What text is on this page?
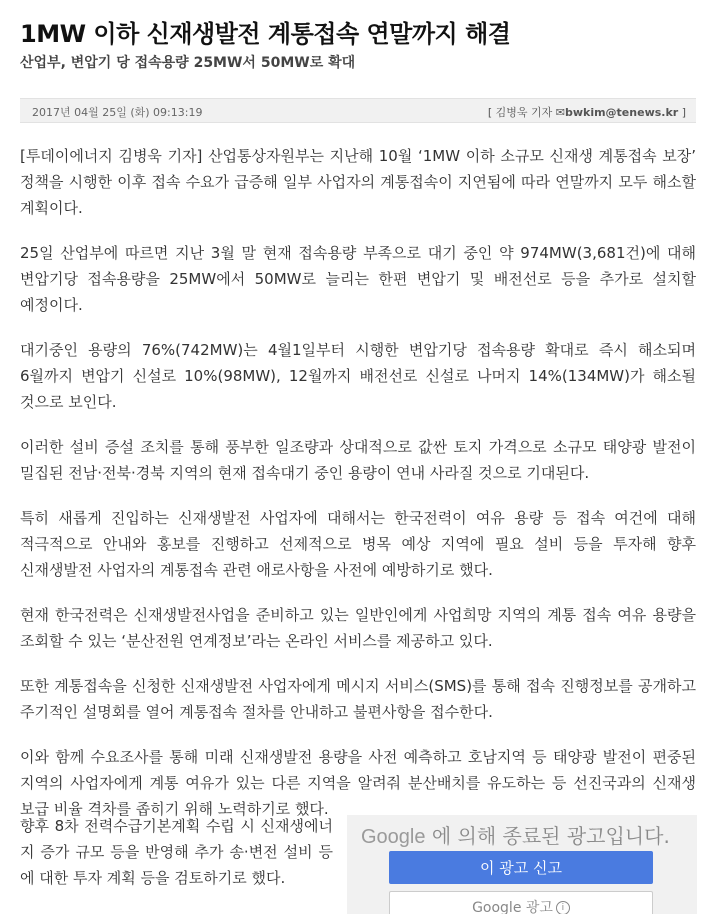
1MW 이하 신재생발전 계통접속 연말까지 해결
산업부, 변압기 당 접속용량 25MW서 50MW로 확대
2017년 04월 25일 (화) 09:13:19	[ 김병욱 기자 ✉bwkim@tenews.kr ]

[투데이에너지 김병욱 기자] 산업통상자원부는 지난해 10월 ‘1MW 이하 소규모 신재생 계통접속 보장’ 정책을 시행한 이후 접속 수요가 급증해 일부 사업자의 계통접속이 지연됨에 따라 연말까지 모두 해소할 계획이다.

25일 산업부에 따르면 지난 3월 말 현재 접속용량 부족으로 대기 중인 약 974MW(3,681건)에 대해 변압기당 접속용량을 25MW에서 50MW로 늘리는 한편 변압기 및 배전선로 등을 추가로 설치할 예정이다.

대기중인 용량의 76%(742MW)는 4월1일부터 시행한 변압기당 접속용량 확대로 즉시 해소되며 6월까지 변압기 신설로 10%(98MW), 12월까지 배전선로 신설로 나머지 14%(134MW)가 해소될 것으로 보인다.

이러한 설비 증설 조치를 통해 풍부한 일조량과 상대적으로 값싼 토지 가격으로 소규모 태양광 발전이 밀집된 전남·전북·경북 지역의 현재 접속대기 중인 용량이 연내 사라질 것으로 기대된다.

특히 새롭게 진입하는 신재생발전 사업자에 대해서는 한국전력이 여유 용량 등 접속 여건에 대해 적극적으로 안내와 홍보를 진행하고 선제적으로 병목 예상 지역에 필요 설비 등을 투자해 향후 신재생발전 사업자의 계통접속 관련 애로사항을 사전에 예방하기로 했다.

현재 한국전력은 신재생발전사업을 준비하고 있는 일반인에게 사업희망 지역의 계통 접속 여유 용량을 조회할 수 있는 ‘분산전원 연계정보’라는 온라인 서비스를 제공하고 있다.

또한 계통접속을 신청한 신재생발전 사업자에게 메시지 서비스(SMS)를 통해 접속 진행정보를 공개하고 주기적인 설명회를 열어 계통접속 절차를 안내하고 불편사항을 접수한다.

이와 함께 수요조사를 통해 미래 신재생발전 용량을 사전 예측하고 호남지역 등 태양광 발전이 편중된 지역의 사업자에게 계통 여유가 있는 다른 지역을 알려줘 분산배치를 유도하는 등 선진국과의 신재생 보급 비율 격차를 좁히기 위해 노력하기로 했다.

향후 8차 전력수급기본계획 수립 시 신재생에너지 증가 규모 등을 반영해 추가 송·변전 설비 등에 대한 투자 계획 등을 검토하기로 했다.

Google 에 의해 종료된 광고입니다.
이 광고 신고
Google 광고 i
